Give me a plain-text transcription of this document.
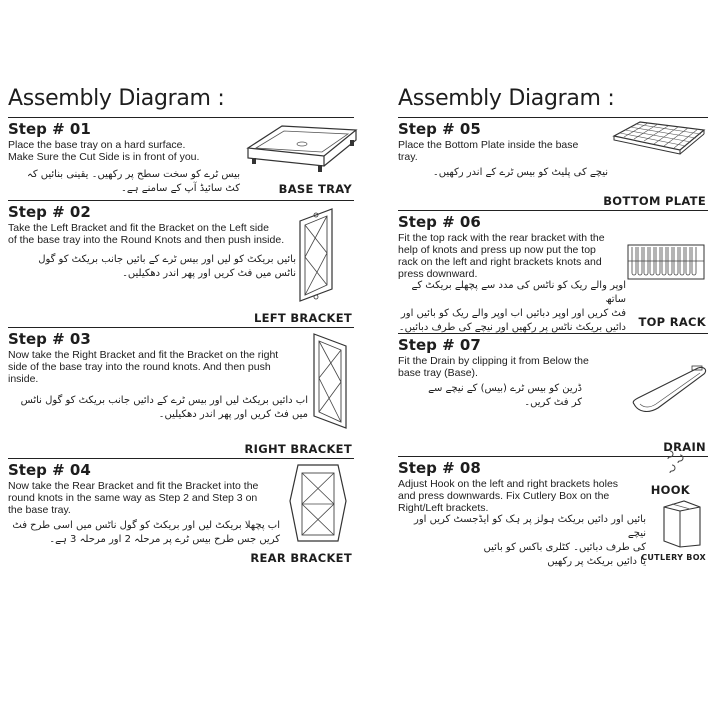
Assembly Diagram :
Step # 01
Place the base tray on a hard surface.
Make Sure the Cut Side is in front of you.
بیس ٹرے کو سخت سطح پر رکھیں۔ یقینی بنائیں کہ
کٹ سائیڈ آپ کے سامنے ہے۔	BASE TRAY
Step # 02
Take the Left Bracket and fit the Bracket on the Left side
of the base tray into the Round Knots and then push inside.
بائیں بریکٹ کو لیں اور بیس ٹرے کے بائیں جانب بریکٹ کو گول
ناٹس میں فٹ کریں اور پھر اندر دھکیلیں۔
LEFT BRACKET
Step # 03
Now take the Right Bracket and fit the Bracket on the right
side of the base tray into the round knots. And then push
inside.
اب دائیں بریکٹ لیں اور بیس ٹرے کے دائیں جانب بریکٹ کو گول ناٹس
میں فٹ کریں اور پھر اندر دھکیلیں۔
RIGHT BRACKET
Step # 04
Now take the Rear Bracket and fit the Bracket into the
round knots in the same way as Step 2 and Step 3 on
the base tray.
اب پچھلا بریکٹ لیں اور بریکٹ کو گول ناٹس میں اسی طرح فٹ
کریں جس طرح بیس ٹرے پر مرحلہ 2 اور مرحلہ 3 ہے۔
REAR BRACKET
Assembly Diagram :
Step # 05
Place the Bottom Plate inside the base
tray.
نیچے کی پلیٹ کو بیس ٹرے کے اندر رکھیں۔
BOTTOM PLATE
Step # 06
Fit the top rack with the rear bracket with the
help of knots and press up now put the top
rack on the left and right brackets knots and
press downward.
اوپر والے ریک کو ناٹس کی مدد سے پچھلے بریکٹ کے ساتھ
فٹ کریں اور اوپر دبائیں اب اوپر والے ریک کو بائیں اور
دائیں بریکٹ ناٹس پر رکھیں اور نیچے کی طرف دبائیں۔	TOP RACK
Step # 07
Fit the Drain by clipping it from Below the
base tray (Base).
ڈرین کو بیس ٹرے (بیس) کے نیچے سے
کر فٹ کریں۔
DRAIN
Step # 08
Adjust Hook on the left and right brackets holes
and press downwards. Fix Cutlery Box on the
Right/Left brackets.
بائیں اور دائیں بریکٹ ہولز پر ہک کو ایڈجسٹ کریں اور نیچے
کی طرف دبائیں۔ کٹلری باکس کو بائیں
یا دائیں بریکٹ پر رکھیں
HOOK
CUTLERY BOX
